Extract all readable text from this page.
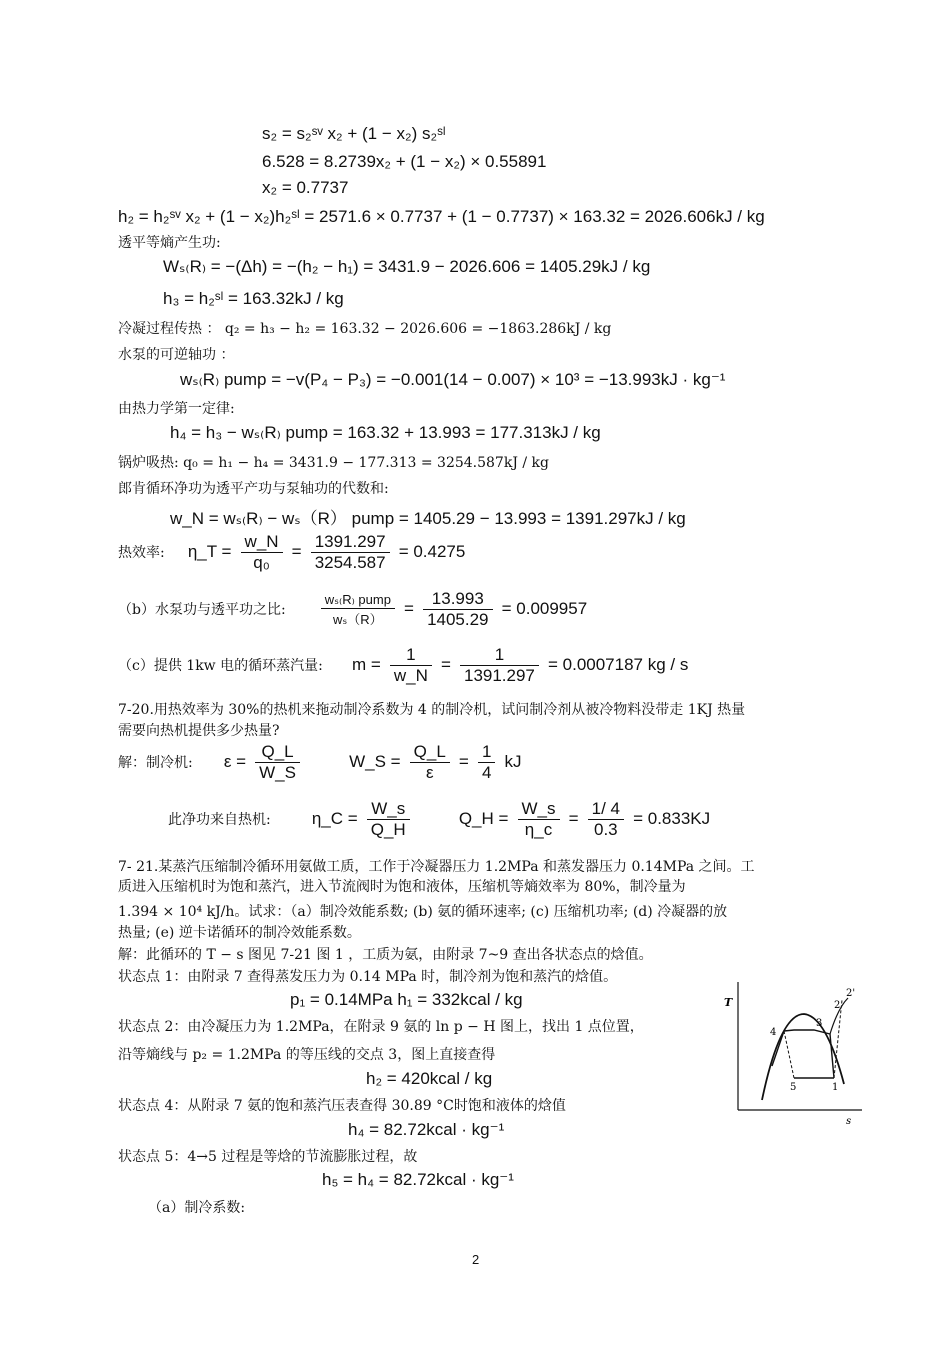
s₂ = s₂ˢᵛ x₂ + (1 − x₂) s₂ˢˡ
6.528 = 8.2739x₂ + (1 − x₂) × 0.55891
x₂ = 0.7737
h₂ = h₂ˢᵛ x₂ + (1 − x₂)h₂ˢˡ = 2571.6 × 0.7737 + (1 − 0.7737) × 163.32 = 2026.606kJ / kg
透平等熵产生功:
Wₛ₍R₎ = −(Δh) = −(h₂ − h₁) = 3431.9 − 2026.606 = 1405.29kJ / kg
h₃ = h₂ˢˡ = 163.32kJ / kg
冷凝过程传热 ： q₂ = h₃ − h₂ = 163.32 − 2026.606 = −1863.286kJ / kg
水泵的可逆轴功 ：
wₛ₍R₎ pump = −v(P₄ − P₃) = −0.001(14 − 0.007) × 10³ = −13.993kJ · kg⁻¹
由热力学第一定律:
h₄ = h₃ − wₛ₍R₎ pump = 163.32 + 13.993 = 177.313kJ / kg
锅炉吸热: q₀ = h₁ − h₄ = 3431.9 − 177.313 = 3254.587kJ / kg
郎肯循环净功为透平产功与泵轴功的代数和:
w_N = wₛ₍R₎ − wₛ（R） pump = 1405.29 − 13.993 = 1391.297kJ / kg
热效率: η_T = $\frac{w\_N}{\text{q₀}} = \frac{1391.297}{3254.587} = 0.4275$
（b）水泵功与透平功之比:	$\frac{\text{wₛ₍R₎ pump}}{\text{wₛ（R）}} = \frac{13.993}{1405.29} = 0.009957$
（c）提供 1kw 电的循环蒸汽量: $m = \frac{1}{w\_N} = \frac{1}{1391.297} = 0.0007187$ kg / s
7-20.用热效率为 30%的热机来拖动制冷系数为 4 的制冷机，试问制冷剂从被冷物料没带走 1KJ 热量
需要向热机提供多少热量?
解：制冷机: $\varepsilon = \frac{Q\_L}{W\_S}$	W_S = $\frac{Q\_L}{\varepsilon} = \frac{1}{4}$ kJ
此净功来自热机: η_C = $\frac{W\_s}{Q\_H}$	Q_H = $\frac{W\_s}{\eta\_c} = \frac{1/ 4}{0.3} = 0.833KJ$
7- 21.某蒸汽压缩制冷循环用氨做工质，工作于冷凝器压力 1.2MPa 和蒸发器压力 0.14MPa 之间。工
质进入压缩机时为饱和蒸汽，进入节流阀时为饱和液体，压缩机等熵效率为 80%，制冷量为
1.394 × 10⁴ kJ/h。试求：（a）制冷效能系数; (b) 氨的循环速率; (c) 压缩机功率; (d) 冷凝器的放
热量; (e) 逆卡诺循环的制冷效能系数。
解：此循环的 T − s 图见 7-21 图 1 ，工质为氨，由附录 7~9 查出各状态点的焓值。
状态点 1：由附录 7 查得蒸发压力为 0.14 MPa 时，制冷剂为饱和蒸汽的焓值。
p₁ = 0.14MPa h₁ = 332kcal / kg
状态点 2：由冷凝压力为 1.2MPa，在附录 9 氨的 ln p − H 图上，找出 1 点位置，
沿等熵线与 p₂ = 1.2MPa 的等压线的交点 3，图上直接查得
h₂ = 420kcal / kg
状态点 4：从附录 7 氨的饱和蒸汽压表查得 30.89 °C时饱和液体的焓值
h₄ = 82.72kcal · kg⁻¹
状态点 5：4→5 过程是等焓的节流膨胀过程，故
h₅ = h₄ = 82.72kcal · kg⁻¹
（a）制冷系数:
T
s
1
2
2'
3
4
5
2
